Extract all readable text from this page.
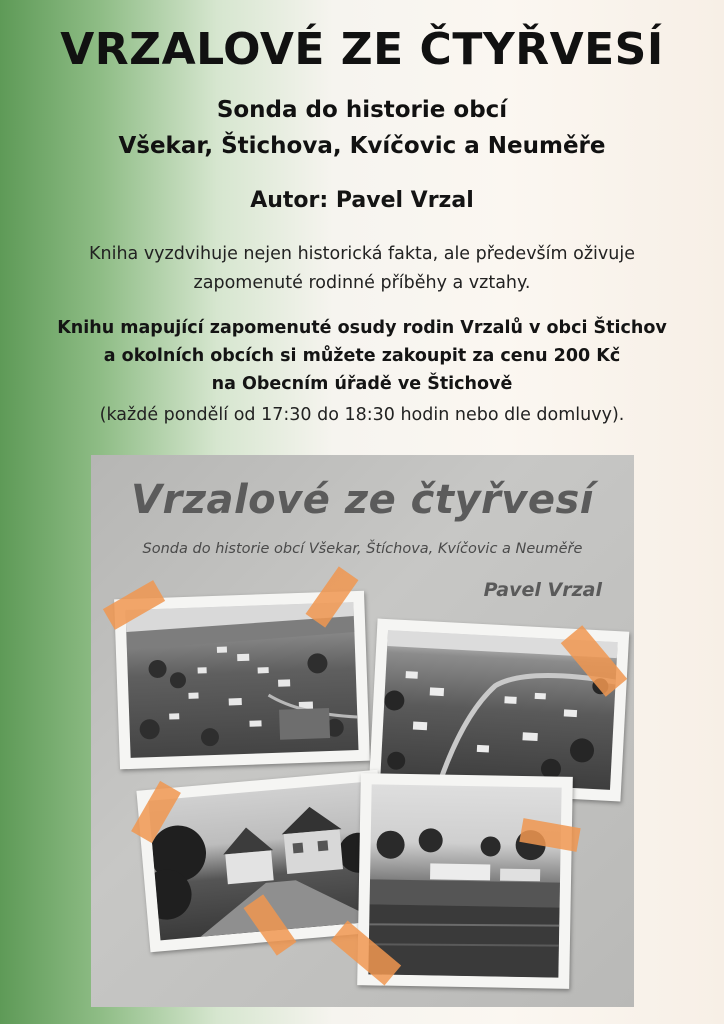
VRZALOVÉ ZE ČTYŘVESÍ
Sonda do historie obcí
Všekar, Štichova, Kvíčovic a Neuměře
Autor: Pavel Vrzal
Kniha vyzdvihuje nejen historická fakta, ale především oživuje
zapomenuté rodinné příběhy a vztahy.
Knihu mapující zapomenuté osudy rodin Vrzalů v obci Štichov
a okolních obcích si můžete zakoupit za cenu 200 Kč
na Obecním úřadě ve Štichově
(každé pondělí od 17:30 do 18:30 hodin nebo dle domluvy).
Vrzalové ze čtyřvesí
Sonda do historie obcí Všekar, Štíchova, Kvíčovic a Neuměře
Pavel Vrzal
